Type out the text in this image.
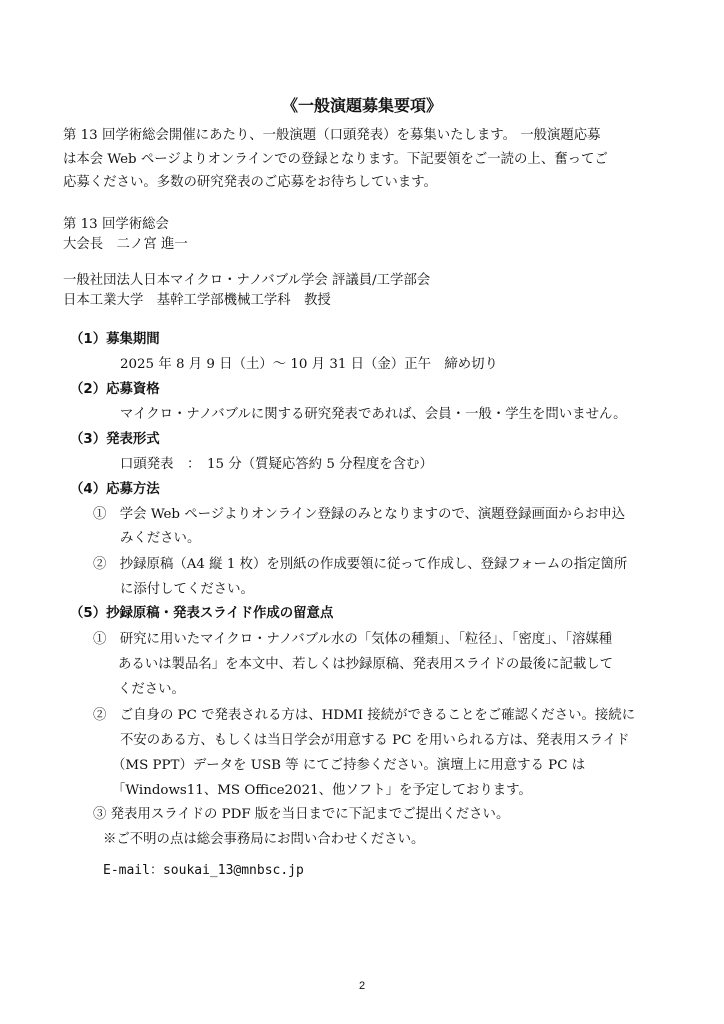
《一般演題募集要項》
第 13 回学術総会開催にあたり、一般演題（口頭発表）を募集いたします。 一般演題応募
は本会 Web ページよりオンラインでの登録となります。下記要領をご一読の上、奮ってご
応募ください。多数の研究発表のご応募をお待ちしています。
第 13 回学術総会
大会長　二ノ宮 進一
一般社団法人日本マイクロ・ナノバブル学会 評議員/工学部会
日本工業大学　基幹工学部機械工学科　教授
（1）募集期間
2025 年 8 月 9 日（土）～ 10 月 31 日（金）正午　締め切り
（2）応募資格
マイクロ・ナノバブルに関する研究発表であれば、会員・一般・学生を問いません。
（3）発表形式
口頭発表　：　15 分（質疑応答約 5 分程度を含む）
（4）応募方法
①　学会 Web ページよりオンライン登録のみとなりますので、演題登録画面からお申込
みください。
②　抄録原稿（A4 縦 1 枚）を別紙の作成要領に従って作成し、登録フォームの指定箇所
に添付してください。
（5）抄録原稿・発表スライド作成の留意点
①　研究に用いたマイクロ・ナノバブル水の「気体の種類」、「粒径」、「密度」、「溶媒種
あるいは製品名」を本文中、若しくは抄録原稿、発表用スライドの最後に記載して
ください。
②　ご自身の PC で発表される方は、HDMI 接続ができることをご確認ください。接続に
不安のある方、もしくは当日学会が用意する PC を用いられる方は、発表用スライド
（MS PPT）データを USB 等 にてご持参ください。演壇上に用意する PC は
「Windows11、MS Office2021、他ソフト」を予定しております。
③ 発表用スライドの PDF 版を当日までに下記までご提出ください。
※ご不明の点は総会事務局にお問い合わせください。
E-mail：soukai_13@mnbsc.jp
2
